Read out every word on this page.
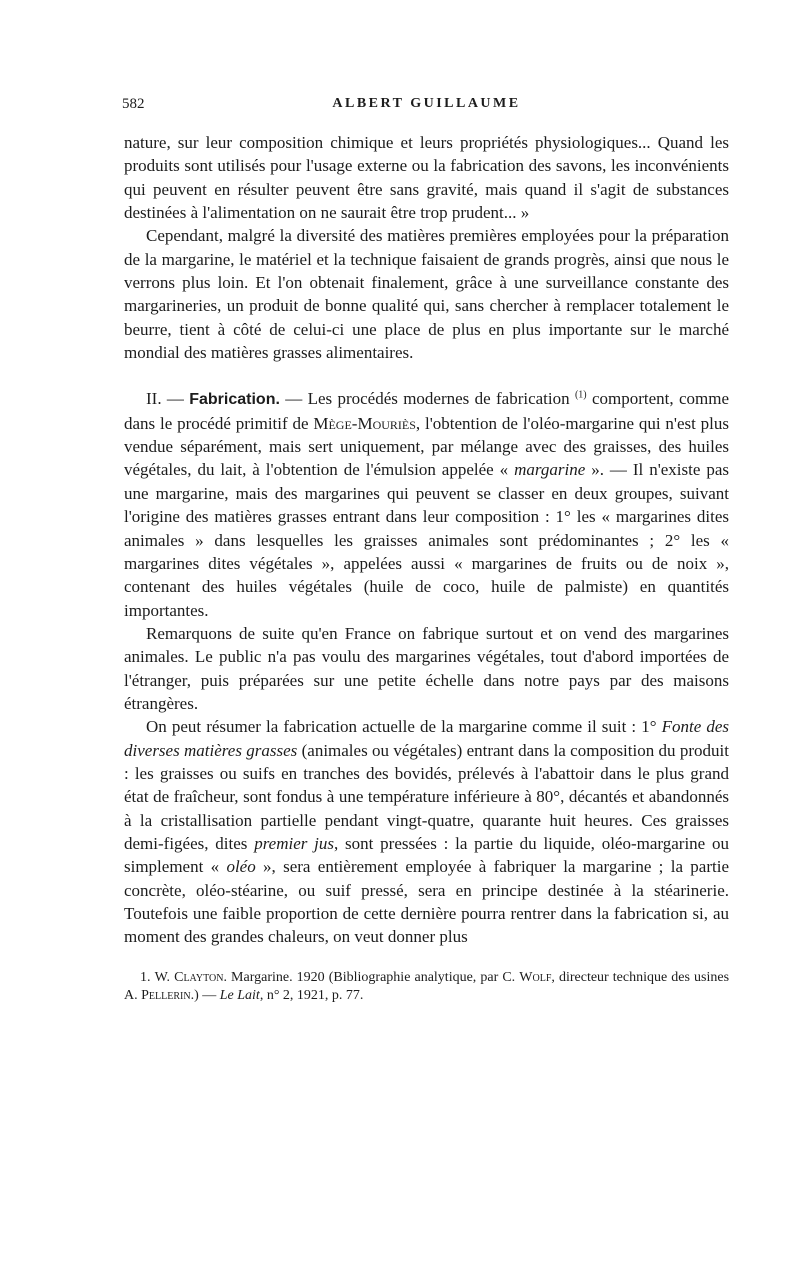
582	ALBERT GUILLAUME

nature, sur leur composition chimique et leurs propriétés physiologiques... Quand les produits sont utilisés pour l'usage externe ou la fabrication des savons, les inconvénients qui peuvent en résulter peuvent être sans gravité, mais quand il s'agit de substances destinées à l'alimentation on ne saurait être trop prudent... »

Cependant, malgré la diversité des matières premières employées pour la préparation de la margarine, le matériel et la technique faisaient de grands progrès, ainsi que nous le verrons plus loin. Et l'on obtenait finalement, grâce à une surveillance constante des margarineries, un produit de bonne qualité qui, sans chercher à remplacer totalement le beurre, tient à côté de celui-ci une place de plus en plus importante sur le marché mondial des matières grasses alimentaires.

II. — Fabrication. — Les procédés modernes de fabrication $^{(1)}$ comportent, comme dans le procédé primitif de Mège-Mouriès, l'obtention de l'oléo-margarine qui n'est plus vendue séparément, mais sert uniquement, par mélange avec des graisses, des huiles végétales, du lait, à l'obtention de l'émulsion appelée « margarine ». — Il n'existe pas une margarine, mais des margarines qui peuvent se classer en deux groupes, suivant l'origine des matières grasses entrant dans leur composition : 1° les « margarines dites animales » dans lesquelles les graisses animales sont prédominantes ; 2° les « margarines dites végétales », appelées aussi « margarines de fruits ou de noix », contenant des huiles végétales (huile de coco, huile de palmiste) en quantités importantes.

Remarquons de suite qu'en France on fabrique surtout et on vend des margarines animales. Le public n'a pas voulu des margarines végétales, tout d'abord importées de l'étranger, puis préparées sur une petite échelle dans notre pays par des maisons étrangères.

On peut résumer la fabrication actuelle de la margarine comme il suit : 1° Fonte des diverses matières grasses (animales ou végétales) entrant dans la composition du produit : les graisses ou suifs en tranches des bovidés, prélevés à l'abattoir dans le plus grand état de fraîcheur, sont fondus à une température inférieure à 80°, décantés et abandonnés à la cristallisation partielle pendant vingt-quatre, quarante huit heures. Ces graisses demi-figées, dites premier jus, sont pressées : la partie du liquide, oléo-margarine ou simplement « oléo », sera entièrement employée à fabriquer la margarine ; la partie concrète, oléo-stéarine, ou suif pressé, sera en principe destinée à la stéarinerie. Toutefois une faible proportion de cette dernière pourra rentrer dans la fabrication si, au moment des grandes chaleurs, on veut donner plus

1. W. Clayton. Margarine. 1920 (Bibliographie analytique, par C. Wolf, directeur technique des usines A. Pellerin.) — Le Lait, n° 2, 1921, p. 77.
